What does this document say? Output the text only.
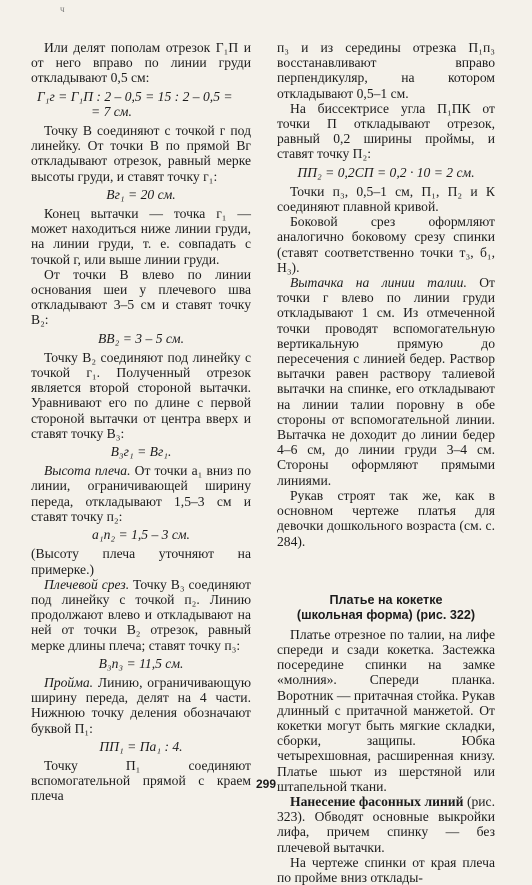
ч

Или делят пополам отрезок Г₁П и от него вправо по линии груди откладывают 0,5 см:

Г₁г = Г₁П : 2 – 0,5 = 15 : 2 – 0,5 =

= 7 см.

Точку В соединяют с точкой г под линейку. От точки В по прямой Вг откладывают отрезок, равный мерке высоты груди, и ставят точку г₁:

Вг₁ = 20 см.

Конец вытачки — точка г₁ — может находиться ниже линии груди, на линии груди, т. е. совпадать с точкой г, или выше линии груди.

От точки В влево по линии основания шеи у плечевого шва откладывают 3–5 см и ставят точку В₂:

ВВ₂ = 3 – 5 см.

Точку В₂ соединяют под линейку с точкой г₁. Полученный отрезок является второй стороной вытачки. Уравнивают его по длине с первой стороной вытачки от центра вверх и ставят точку В₃:

В₃г₁ = Вг₁.

Высота плеча. От точки а₁ вниз по линии, ограничивающей ширину переда, откладывают 1,5–3 см и ставят точку п₂:

а₁п₂ = 1,5 – 3 см.

(Высоту плеча уточняют на примерке.)

Плечевой срез. Точку В₃ соединяют под линейку с точкой п₂. Линию продолжают влево и откладывают на ней от точки В₂ отрезок, равный мерке длины плеча; ставят точку п₃:

В₃п₃ = 11,5 см.

Пройма. Линию, ограничивающую ширину переда, делят на 4 части. Нижнюю точку деления обозначают буквой П₁:

ПП₁ = Па₁ : 4.

Точку П₁ соединяют вспомогательной прямой с краем плеча

п₃ и из середины отрезка П₁п₃ восстанавливают вправо перпендикуляр, на котором откладывают 0,5–1 см.

На биссектрисе угла П₁ПК от точки П откладывают отрезок, равный 0,2 ширины проймы, и ставят точку П₂:

ПП₂ = 0,2СП = 0,2 · 10 = 2 см.

Точки п₃, 0,5–1 см, П₁, П₂ и К соединяют плавной кривой.

Боковой срез оформляют аналогично боковому срезу спинки (ставят соответственно точки т₃, б₁, Н₃).

Вытачка на линии талии. От точки г влево по линии груди откладывают 1 см. Из отмеченной точки проводят вспомогательную вертикальную прямую до пересечения с линией бедер. Раствор вытачки равен раствору талиевой вытачки на спинке, его откладывают на линии талии поровну в обе стороны от вспомогательной линии. Вытачка не доходит до линии бедер 4–6 см, до линии груди 3–4 см. Стороны оформляют прямыми линиями.

Рукав строят так же, как в основном чертеже платья для девочки дошкольного возраста (см. с. 284).

Платье на кокетке

(школьная форма) (рис. 322)

Платье отрезное по талии, на лифе спереди и сзади кокетка. Застежка посередине спинки на замке «молния». Спереди планка. Воротник — притачная стойка. Рукав длинный с притачной манжетой. От кокетки могут быть мягкие складки, сборки, защипы. Юбка четырехшовная, расширенная книзу. Платье шьют из шерстяной или штапельной ткани.

Нанесение фасонных линий (рис. 323). Обводят основные выкройки лифа, причем спинку — без плечевой вытачки.

На чертеже спинки от края плеча по пройме вниз отклады-

299
